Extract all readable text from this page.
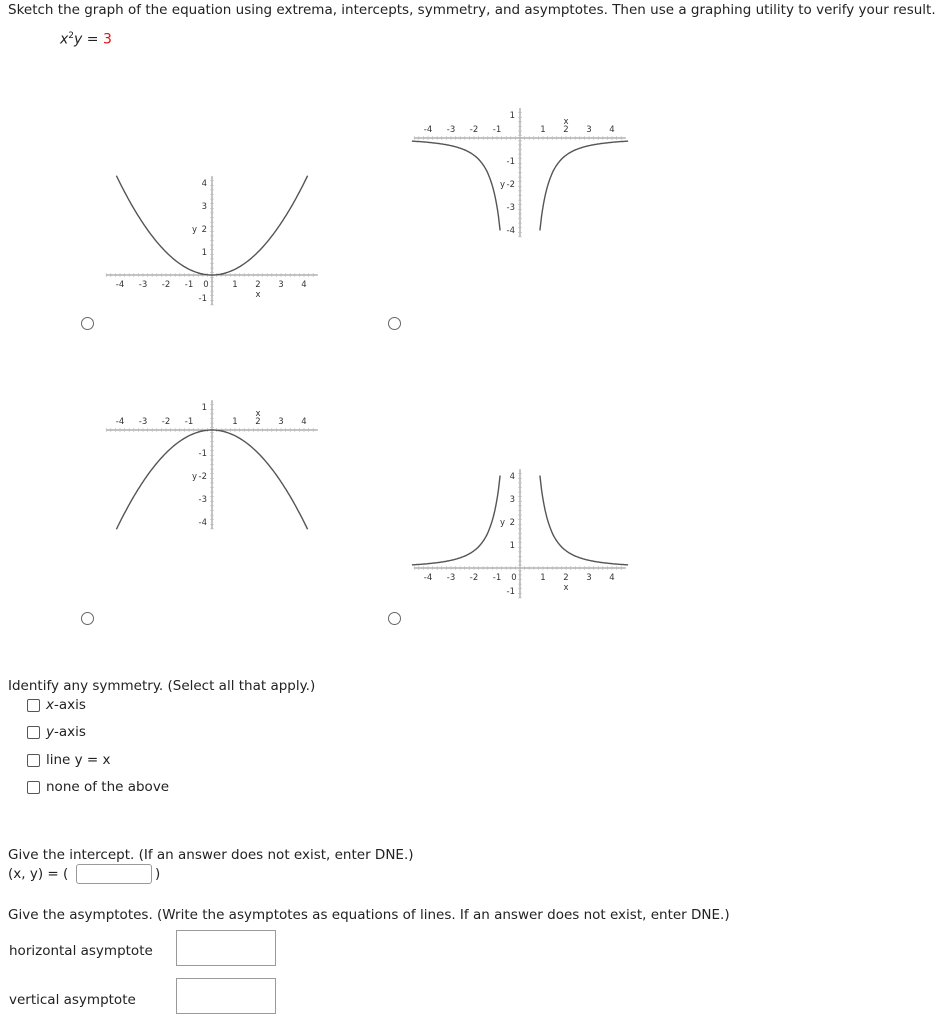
Sketch the graph of the equation using extrema, intercepts, symmetry, and asymptotes. Then use a graphing utility to verify your result.
$x^2y = 3$
-4 -3 -2 -1 0	1 2 3 4
x
4
3
2
1
-1
y
-4 -3 -2 -1	1 2 3 4
x
1
-1
-2
-3
-4
y
-4 -3 -2 -1	1 2 3 4
x
1
-1
-2
-3
-4
y
-4 -3 -2 -1 0	1 2 3 4
x
4
3
2
1
-1
y
Identify any symmetry. (Select all that apply.)
x -axis
y -axis
line y = x
none of the above
Give the intercept. (If an answer does not exist, enter DNE.)
(x, y) = (	)
Give the asymptotes. (Write the asymptotes as equations of lines. If an answer does not exist, enter DNE.)
horizontal asymptote
vertical asymptote
